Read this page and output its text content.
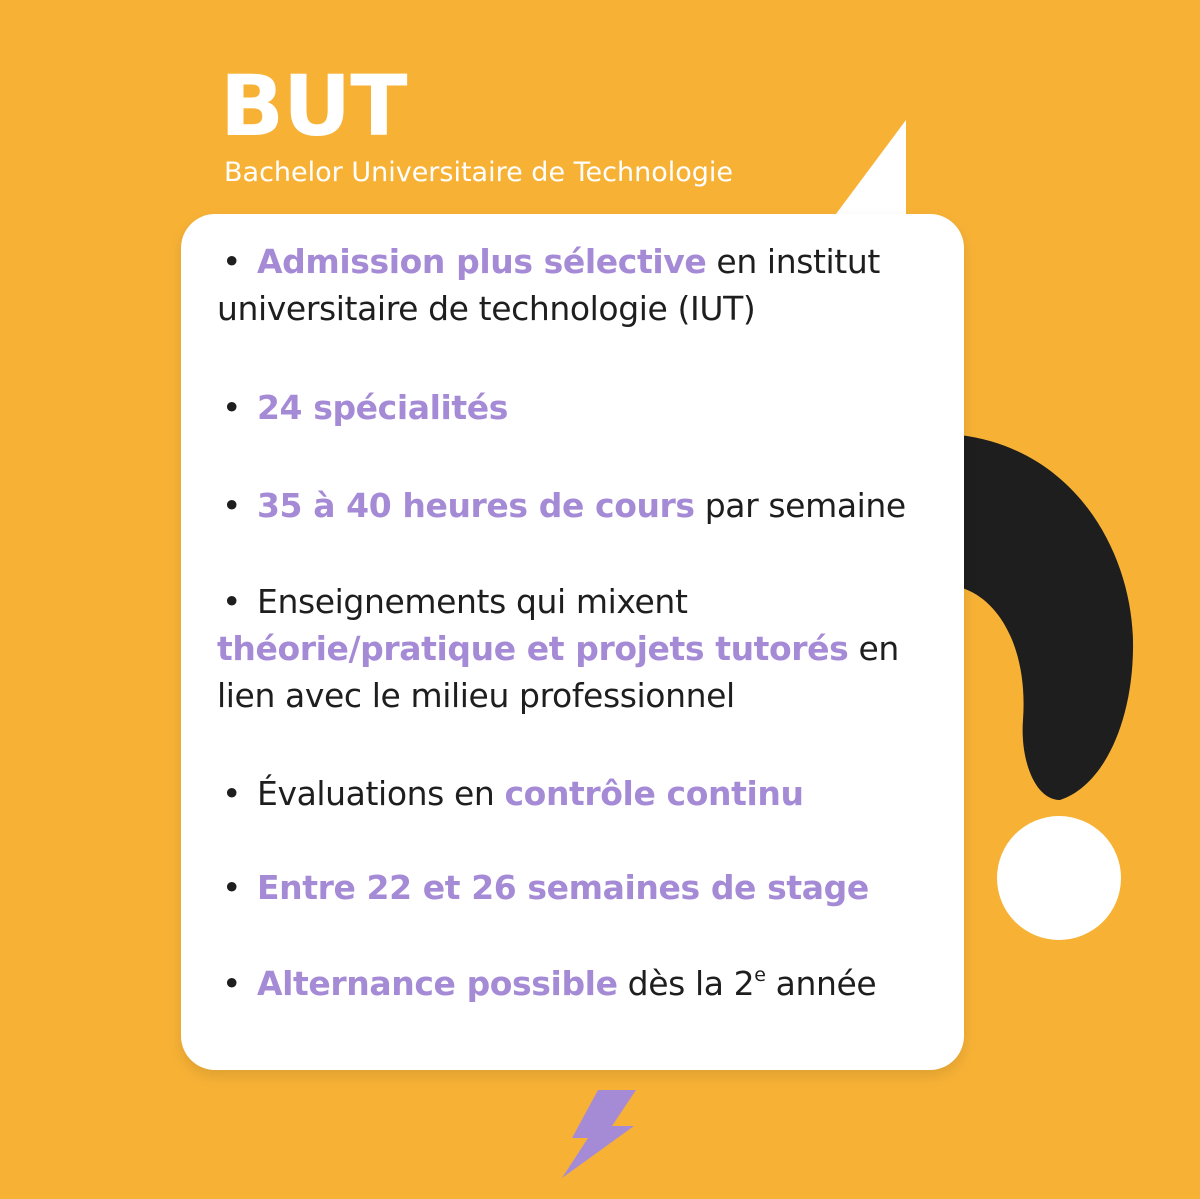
BUT

Bachelor Universitaire de Technologie

• Admission plus sélective en institut universitaire de technologie (IUT)
• 24 spécialités
• 35 à 40 heures de cours par semaine
• Enseignements qui mixent théorie/pratique et projets tutorés en lien avec le milieu professionnel
• Évaluations en contrôle continu
• Entre 22 et 26 semaines de stage
• Alternance possible dès la 2e année
